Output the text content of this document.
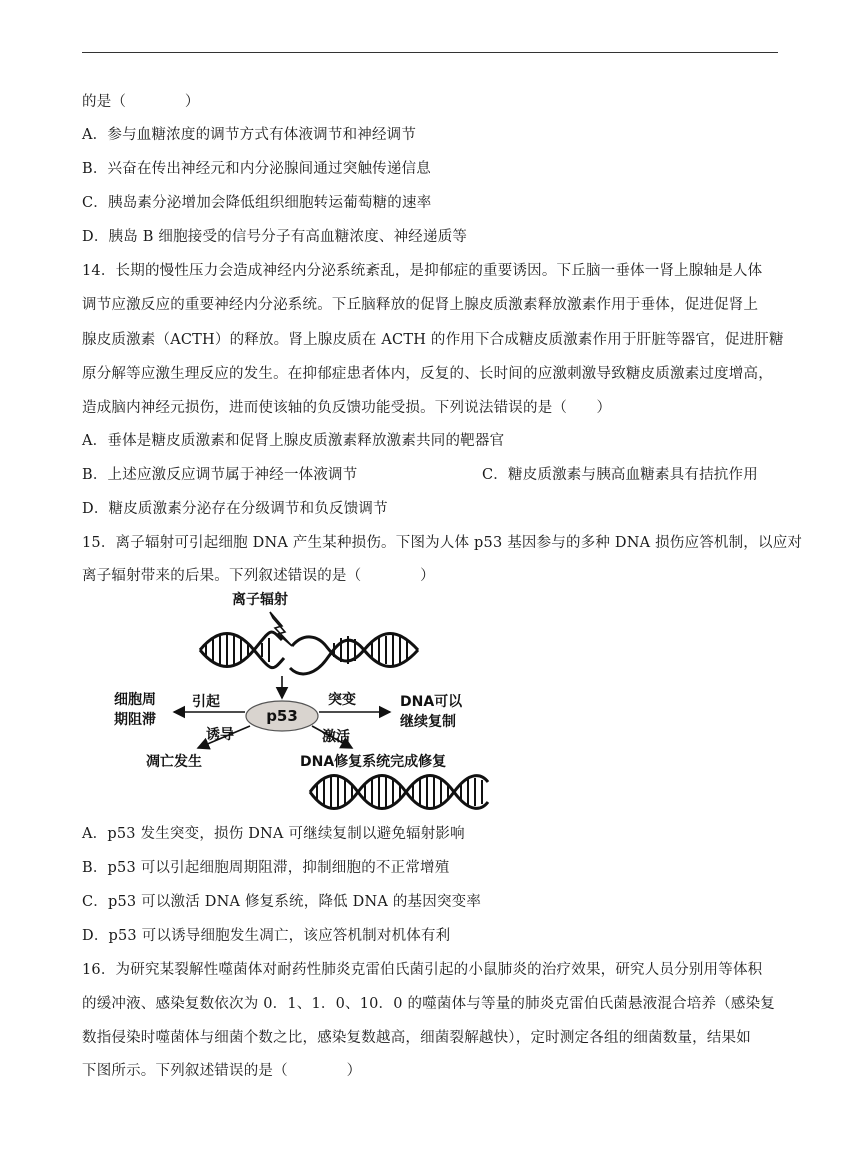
的是（　　　　）
A．参与血糖浓度的调节方式有体液调节和神经调节
B．兴奋在传出神经元和内分泌腺间通过突触传递信息
C．胰岛素分泌增加会降低组织细胞转运葡萄糖的速率
D．胰岛 B 细胞接受的信号分子有高血糖浓度、神经递质等
14．长期的慢性压力会造成神经内分泌系统紊乱，是抑郁症的重要诱因。下丘脑一垂体一肾上腺轴是人体
调节应激反应的重要神经内分泌系统。下丘脑释放的促肾上腺皮质激素释放激素作用于垂体，促进促肾上
腺皮质激素（ACTH）的释放。肾上腺皮质在 ACTH 的作用下合成糖皮质激素作用于肝脏等器官，促进肝糖
原分解等应激生理反应的发生。在抑郁症患者体内，反复的、长时间的应激刺激导致糖皮质激素过度增高，
造成脑内神经元损伤，进而使该轴的负反馈功能受损。下列说法错误的是（　　）
A．垂体是糖皮质激素和促肾上腺皮质激素释放激素共同的靶器官
B．上述应激反应调节属于神经一体液调节	C．糖皮质激素与胰高血糖素具有拮抗作用
D．糖皮质激素分泌存在分级调节和负反馈调节
15．离子辐射可引起细胞 DNA 产生某种损伤。下图为人体 p53 基因参与的多种 DNA 损伤应答机制，以应对
离子辐射带来的后果。下列叙述错误的是（　　　　）
离子辐射
p53
引起
细胞周
期阻滞
突变	DNA可以
继续复制
诱导
凋亡发生
激活
DNA修复系统完成修复
A．p53 发生突变，损伤 DNA 可继续复制以避免辐射影响
B．p53 可以引起细胞周期阻滞，抑制细胞的不正常增殖
C．p53 可以激活 DNA 修复系统，降低 DNA 的基因突变率
D．p53 可以诱导细胞发生凋亡，该应答机制对机体有利
16．为研究某裂解性噬菌体对耐药性肺炎克雷伯氏菌引起的小鼠肺炎的治疗效果，研究人员分别用等体积
的缓冲液、感染复数依次为 0．1、1．0、10．0 的噬菌体与等量的肺炎克雷伯氏菌悬液混合培养（感染复
数指侵染时噬菌体与细菌个数之比，感染复数越高，细菌裂解越快），定时测定各组的细菌数量，结果如
下图所示。下列叙述错误的是（　　　　）
